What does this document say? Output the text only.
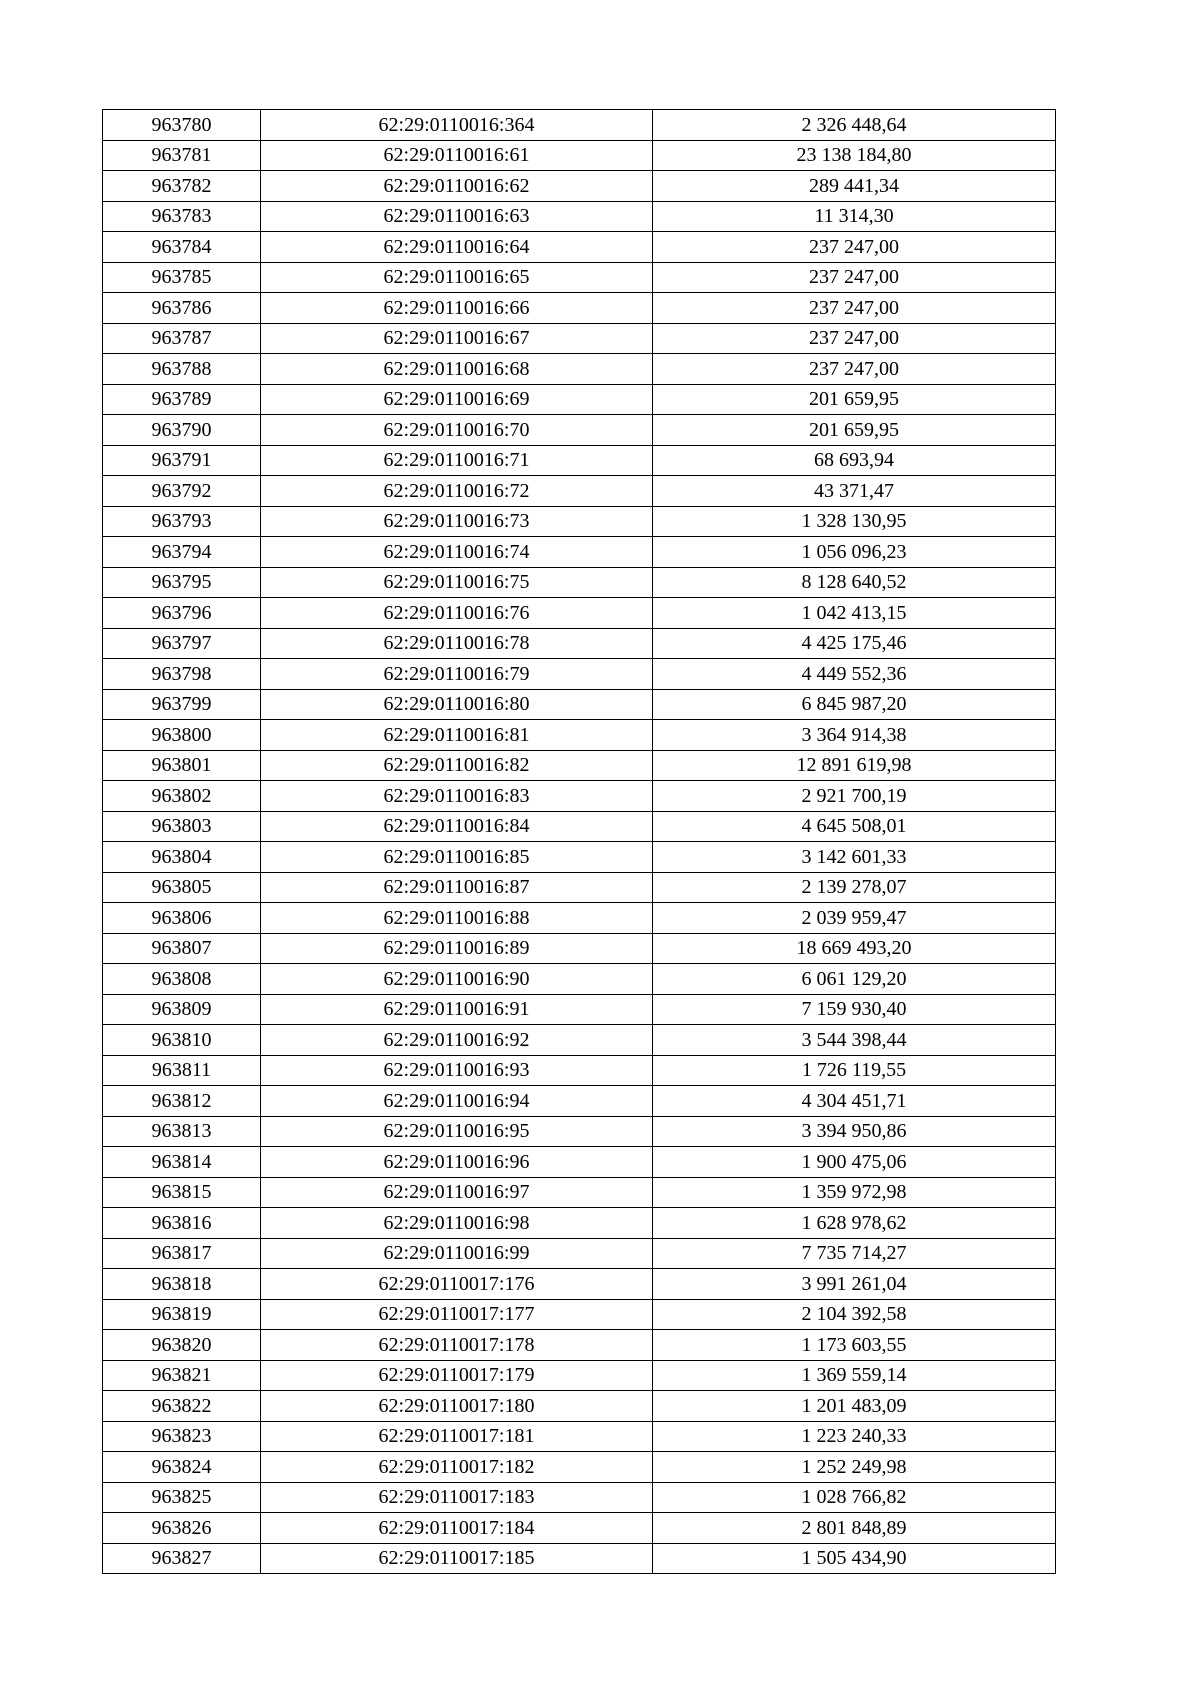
963780	62:29:0110016:364	2 326 448,64
963781	62:29:0110016:61	23 138 184,80
963782	62:29:0110016:62	289 441,34
963783	62:29:0110016:63	11 314,30
963784	62:29:0110016:64	237 247,00
963785	62:29:0110016:65	237 247,00
963786	62:29:0110016:66	237 247,00
963787	62:29:0110016:67	237 247,00
963788	62:29:0110016:68	237 247,00
963789	62:29:0110016:69	201 659,95
963790	62:29:0110016:70	201 659,95
963791	62:29:0110016:71	68 693,94
963792	62:29:0110016:72	43 371,47
963793	62:29:0110016:73	1 328 130,95
963794	62:29:0110016:74	1 056 096,23
963795	62:29:0110016:75	8 128 640,52
963796	62:29:0110016:76	1 042 413,15
963797	62:29:0110016:78	4 425 175,46
963798	62:29:0110016:79	4 449 552,36
963799	62:29:0110016:80	6 845 987,20
963800	62:29:0110016:81	3 364 914,38
963801	62:29:0110016:82	12 891 619,98
963802	62:29:0110016:83	2 921 700,19
963803	62:29:0110016:84	4 645 508,01
963804	62:29:0110016:85	3 142 601,33
963805	62:29:0110016:87	2 139 278,07
963806	62:29:0110016:88	2 039 959,47
963807	62:29:0110016:89	18 669 493,20
963808	62:29:0110016:90	6 061 129,20
963809	62:29:0110016:91	7 159 930,40
963810	62:29:0110016:92	3 544 398,44
963811	62:29:0110016:93	1 726 119,55
963812	62:29:0110016:94	4 304 451,71
963813	62:29:0110016:95	3 394 950,86
963814	62:29:0110016:96	1 900 475,06
963815	62:29:0110016:97	1 359 972,98
963816	62:29:0110016:98	1 628 978,62
963817	62:29:0110016:99	7 735 714,27
963818	62:29:0110017:176	3 991 261,04
963819	62:29:0110017:177	2 104 392,58
963820	62:29:0110017:178	1 173 603,55
963821	62:29:0110017:179	1 369 559,14
963822	62:29:0110017:180	1 201 483,09
963823	62:29:0110017:181	1 223 240,33
963824	62:29:0110017:182	1 252 249,98
963825	62:29:0110017:183	1 028 766,82
963826	62:29:0110017:184	2 801 848,89
963827	62:29:0110017:185	1 505 434,90
